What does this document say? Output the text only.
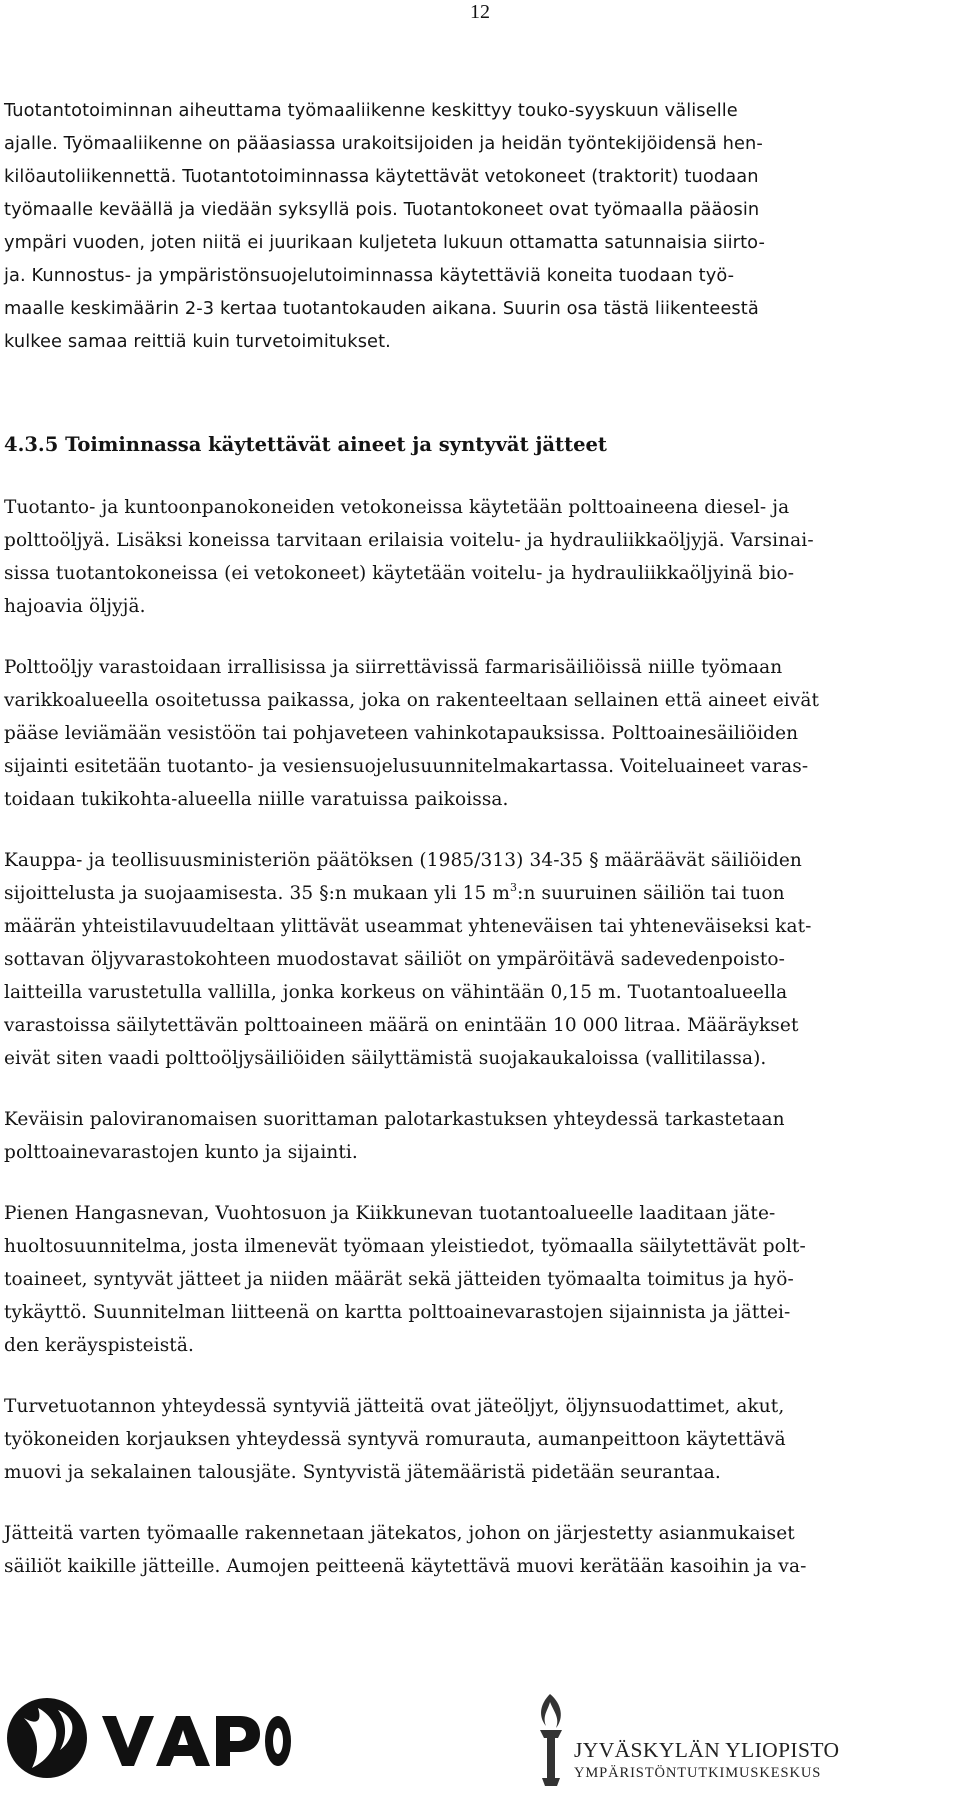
12
Tuotantotoiminnan aiheuttama työmaaliikenne keskittyy touko-syyskuun väliselle
ajalle. Työmaaliikenne on pääasiassa urakoitsijoiden ja heidän työntekijöidensä hen-
kilöautoliikennettä. Tuotantotoiminnassa käytettävät vetokoneet (traktorit) tuodaan
työmaalle keväällä ja viedään syksyllä pois. Tuotantokoneet ovat työmaalla pääosin
ympäri vuoden, joten niitä ei juurikaan kuljeteta lukuun ottamatta satunnaisia siirto-
ja. Kunnostus- ja ympäristönsuojelutoiminnassa käytettäviä koneita tuodaan työ-
maalle keskimäärin 2-3 kertaa tuotantokauden aikana. Suurin osa tästä liikenteestä
kulkee samaa reittiä kuin turvetoimitukset.
4.3.5 Toiminnassa käytettävät aineet ja syntyvät jätteet
Tuotanto- ja kuntoonpanokoneiden vetokoneissa käytetään polttoaineena diesel- ja
polttoöljyä. Lisäksi koneissa tarvitaan erilaisia voitelu- ja hydrauliikkaöljyjä. Varsinai-
sissa tuotantokoneissa (ei vetokoneet) käytetään voitelu- ja hydrauliikkaöljyinä bio-
hajoavia öljyjä.
Polttoöljy varastoidaan irrallisissa ja siirrettävissä farmarisäiliöissä niille työmaan
varikkoalueella osoitetussa paikassa, joka on rakenteeltaan sellainen että aineet eivät
pääse leviämään vesistöön tai pohjaveteen vahinkotapauksissa. Polttoainesäiliöiden
sijainti esitetään tuotanto- ja vesiensuojelusuunnitelmakartassa. Voiteluaineet varas-
toidaan tukikohta-alueella niille varatuissa paikoissa.
Kauppa- ja teollisuusministeriön päätöksen (1985/313) 34-35 § määräävät säiliöiden
sijoittelusta ja suojaamisesta. 35 §:n mukaan yli 15 $m^3:n$ suuruinen säiliön tai tuon
määrän yhteistilavuudeltaan ylittävät useammat yhteneväisen tai yhteneväiseksi kat-
sottavan öljyvarastokohteen muodostavat säiliöt on ympäröitävä sadevedenpoisto-
laitteilla varustetulla vallilla, jonka korkeus on vähintään 0,15 m. Tuotantoalueella
varastoissa säilytettävän polttoaineen määrä on enintään 10 000 litraa. Määräykset
eivät siten vaadi polttoöljysäiliöiden säilyttämistä suojakaukaloissa (vallitilassa).
Keväisin paloviranomaisen suorittaman palotarkastuksen yhteydessä tarkastetaan
polttoainevarastojen kunto ja sijainti.
Pienen Hangasnevan, Vuohtosuon ja Kiikkunevan tuotantoalueelle laaditaan jäte-
huoltosuunnitelma, josta ilmenevät työmaan yleistiedot, työmaalla säilytettävät polt-
toaineet, syntyvät jätteet ja niiden määrät sekä jätteiden työmaalta toimitus ja hyö-
tykäyttö. Suunnitelman liitteenä on kartta polttoainevarastojen sijainnista ja jättei-
den keräyspisteistä.
Turvetuotannon yhteydessä syntyviä jätteitä ovat jäteöljyt, öljynsuodattimet, akut,
työkoneiden korjauksen yhteydessä syntyvä romurauta, aumanpeittoon käytettävä
muovi ja sekalainen talousjäte. Syntyvistä jätemääristä pidetään seurantaa.
Jätteitä varten työmaalle rakennetaan jätekatos, johon on järjestetty asianmukaiset
säiliöt kaikille jätteille. Aumojen peitteenä käytettävä muovi kerätään kasoihin ja va-
JYVÄSKYLÄN YLIOPISTO
YMPÄRISTÖNTUTKIMUSKESKUS
